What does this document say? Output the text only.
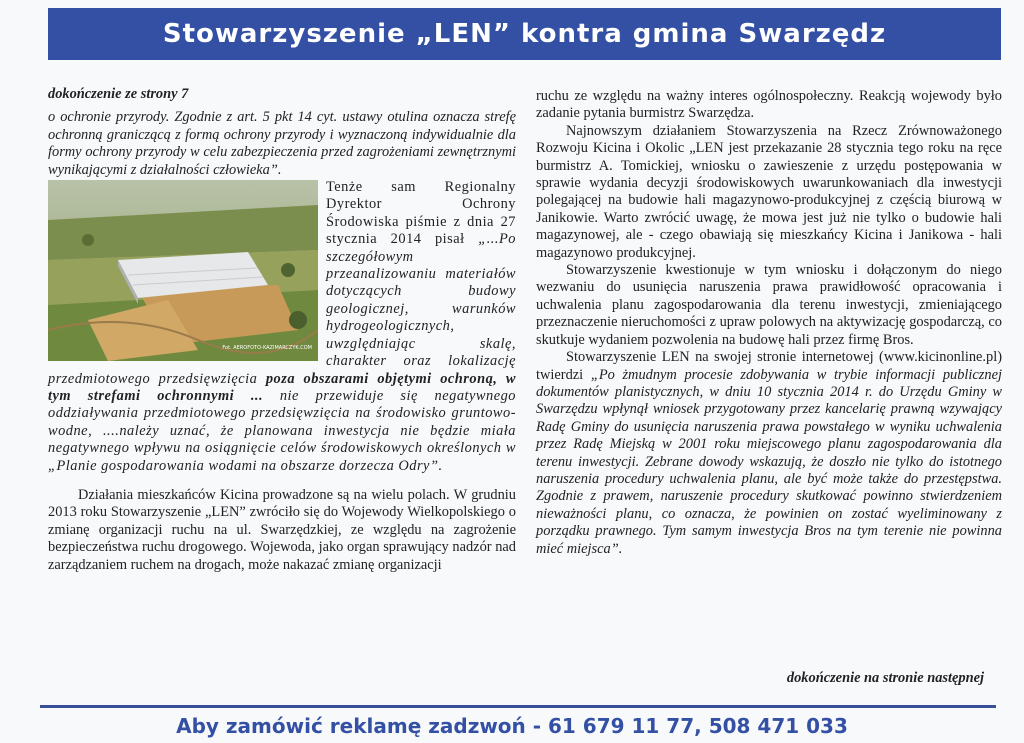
Stowarzyszenie „LEN” kontra gmina Swarzędz

dokończenie ze strony 7

o ochronie przyrody. Zgodnie z art. 5 pkt 14 cyt. ustawy otulina oznacza strefę ochronną graniczącą z formą ochrony przyrody i wyznaczoną indywidualnie dla formy ochrony przyrody w celu zabezpieczenia przed zagrożeniami zewnętrznymi wynikającymi z działalności człowieka”.

Fot. AEROFOTO-KAZIMARCZYK.COM

Tenże sam Regionalny Dyrektor Ochrony Środowiska piśmie z dnia 27 stycznia 2014 pisał „...Po szczegółowym przeanalizowaniu materiałów dotyczących budowy geologicznej, warunków hydrogeologicznych, uwzględniając skalę, charakter oraz lokalizację przedmiotowego przedsięwzięcia poza obszarami objętymi ochroną, w tym strefami ochronnymi ... nie przewiduje się negatywnego oddziaływania przedmiotowego przedsięwzięcia na środowisko gruntowo-wodne, ....należy uznać, że planowana inwestycja nie będzie miała negatywnego wpływu na osiągnięcie celów środowiskowych określonych w „Planie gospodarowania wodami na obszarze dorzecza Odry”.

Działania mieszkańców Kicina prowadzone są na wielu polach. W grudniu 2013 roku Stowarzyszenie „LEN” zwróciło się do Wojewody Wielkopolskiego o zmianę organizacji ruchu na ul. Swarzędzkiej, ze względu na zagrożenie bezpieczeństwa ruchu drogowego. Wojewoda, jako organ sprawujący nadzór nad zarządzaniem ruchem na drogach, może nakazać zmianę organizacji

ruchu ze względu na ważny interes ogólnospołeczny. Reakcją wojewody było zadanie pytania burmistrz Swarzędza.

Najnowszym działaniem Stowarzyszenia na Rzecz Zrównoważonego Rozwoju Kicina i Okolic „LEN jest przekazanie 28 stycznia tego roku na ręce burmistrz A. Tomickiej, wniosku o zawieszenie z urzędu postępowania w sprawie wydania decyzji środowiskowych uwarunkowaniach dla inwestycji polegającej na budowie hali magazynowo-produkcyjnej z częścią biurową w Janikowie. Warto zwrócić uwagę, że mowa jest już nie tylko o budowie hali magazynowej, ale - czego obawiają się mieszkańcy Kicina i Janikowa - hali magazynowo produkcyjnej.

Stowarzyszenie kwestionuje w tym wniosku i dołączonym do niego wezwaniu do usunięcia naruszenia prawa prawidłowość opracowania i uchwalenia planu zagospodarowania dla terenu inwestycji, zmieniającego przeznaczenie nieruchomości z upraw polowych na aktywizację gospodarczą, co skutkuje wydaniem pozwolenia na budowę hali przez firmę Bros.

Stowarzyszenie LEN na swojej stronie internetowej (www.kicinonline.pl) twierdzi „Po żmudnym procesie zdobywania w trybie informacji publicznej dokumentów planistycznych, w dniu 10 stycznia 2014 r. do Urzędu Gminy w Swarzędzu wpłynął wniosek przygotowany przez kancelarię prawną wzywający Radę Gminy do usunięcia naruszenia prawa powstałego w wyniku uchwalenia przez Radę Miejską w 2001 roku miejscowego planu zagospodarowania dla terenu inwestycji. Zebrane dowody wskazują, że doszło nie tylko do istotnego naruszenia procedury uchwalenia planu, ale być może także do przestępstwa. Zgodnie z prawem, naruszenie procedury skutkować powinno stwierdzeniem nieważności planu, co oznacza, że powinien on zostać wyeliminowany z porządku prawnego. Tym samym inwestycja Bros na tym terenie nie powinna mieć miejsca”.

dokończenie na stronie następnej
Aby zamówić reklamę zadzwoń - 61 679 11 77, 508 471 033
